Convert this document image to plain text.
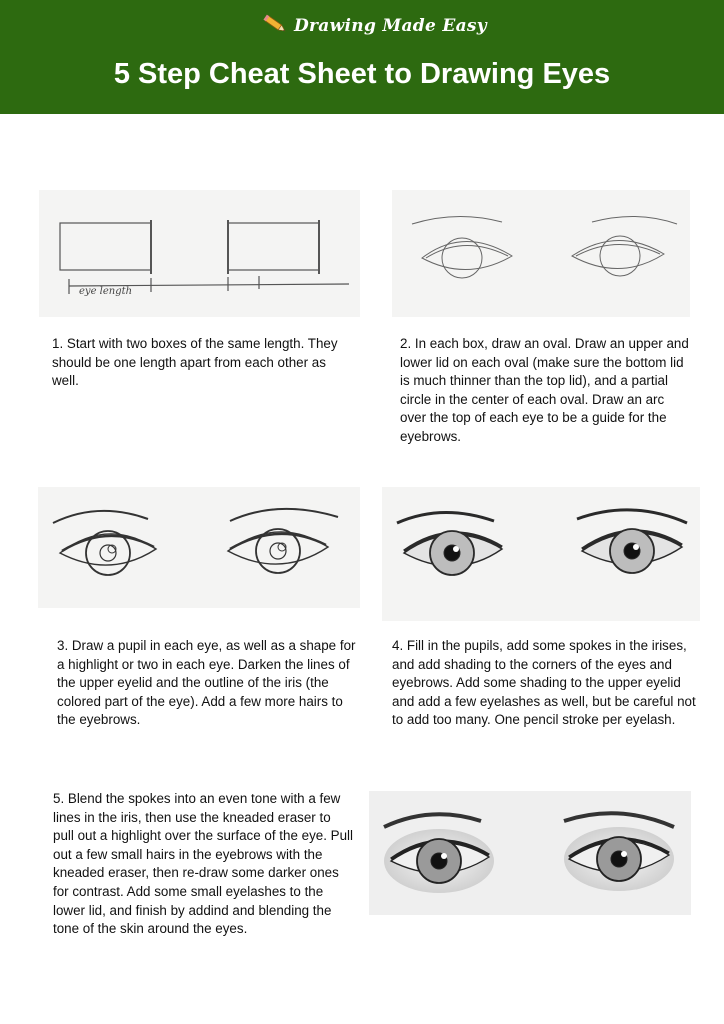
Drawing Made Easy
5 Step Cheat Sheet to Drawing Eyes
eye length
1. Start with two boxes of the same length. They should be one length apart from each other as well.
2. In each box, draw an oval. Draw an upper and lower lid on each oval (make sure the bottom lid is much thinner than the top lid), and a partial circle in the center of each oval. Draw an arc over the top of each eye to be a guide for the eyebrows.
3. Draw a pupil in each eye, as well as a shape for a highlight or two in each eye. Darken the lines of the upper eyelid and the outline of the iris (the colored part of the eye). Add a few more hairs to the eyebrows.
4. Fill in the pupils, add some spokes in the irises, and add shading to the corners of the eyes and eyebrows. Add some shading to the upper eyelid and add a few eyelashes as well, but be careful not to add too many. One pencil stroke per eyelash.
5. Blend the spokes into an even tone with a few lines in the iris, then use the kneaded eraser to pull out a highlight over the surface of the eye. Pull out a few small hairs in the eyebrows with the kneaded eraser, then re-draw some darker ones for contrast. Add some small eyelashes to the lower lid, and finish by addind and blending the tone of the skin around the eyes.
